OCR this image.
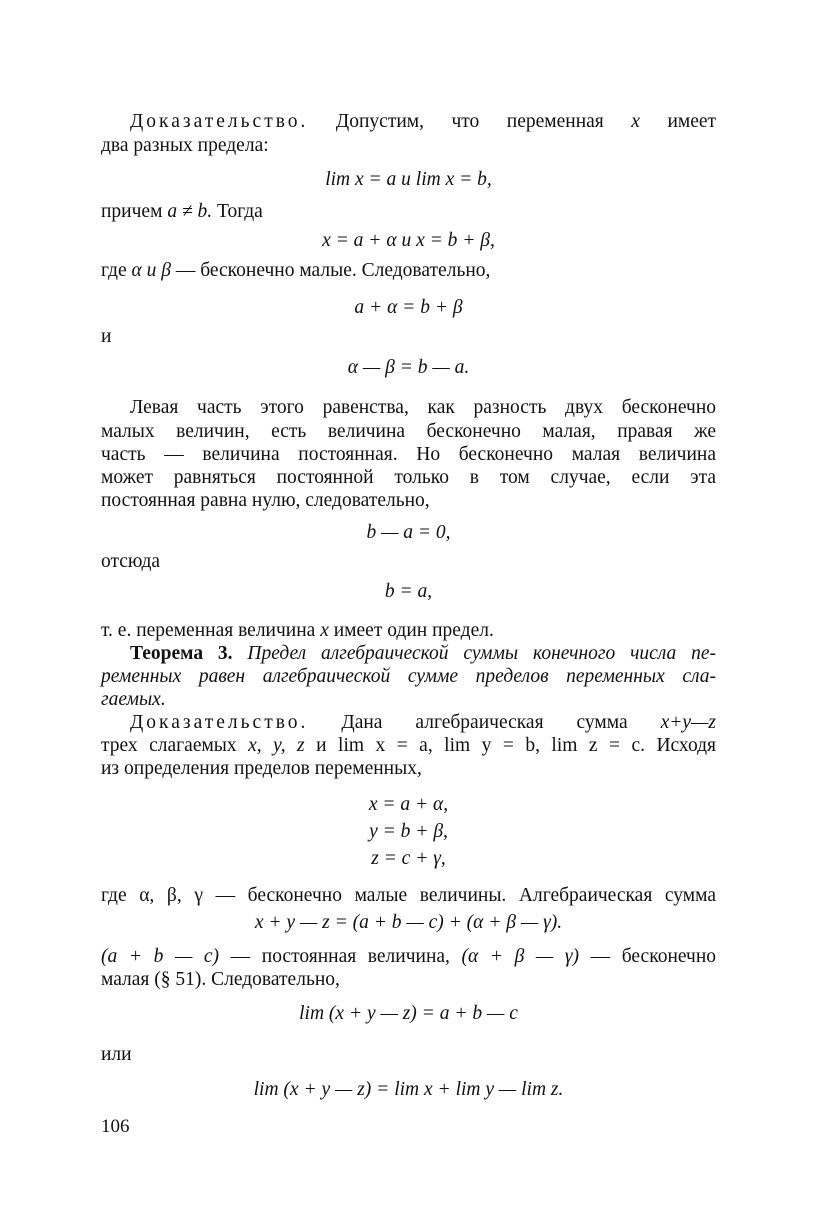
Доказательство. Допустим, что переменная x имеет
два разных предела:
lim x = a и lim x = b,
причем a ≠ b. Тогда
x = a + α и x = b + β,
где α и β — бесконечно малые. Следовательно,
a + α = b + β
и
α — β = b — a.
Левая часть этого равенства, как разность двух бесконечно
малых величин, есть величина бесконечно малая, правая же
часть — величина постоянная. Но бесконечно малая величина
может равняться постоянной только в том случае, если эта
постоянная равна нулю, следовательно,
b — a = 0,
отсюда
b = a,
т. е. переменная величина x имеет один предел.
Теорема 3. Предел алгебраической суммы конечного числа пе-
ременных равен алгебраической сумме пределов переменных сла-
гаемых.
Доказательство. Дана алгебраическая сумма x+y—z
трех слагаемых x, y, z и lim x = a, lim y = b, lim z = c. Исходя
из определения пределов переменных,
x = a + α,
y = b + β,
z = c + γ,
где α, β, γ — бесконечно малые величины. Алгебраическая сумма
x + y — z = (a + b — c) + (α + β — γ).
(a + b — c) — постоянная величина, (α + β — γ) — бесконечно
малая (§ 51). Следовательно,
lim (x + y — z) = a + b — c
или
lim (x + y — z) = lim x + lim y — lim z.
106
